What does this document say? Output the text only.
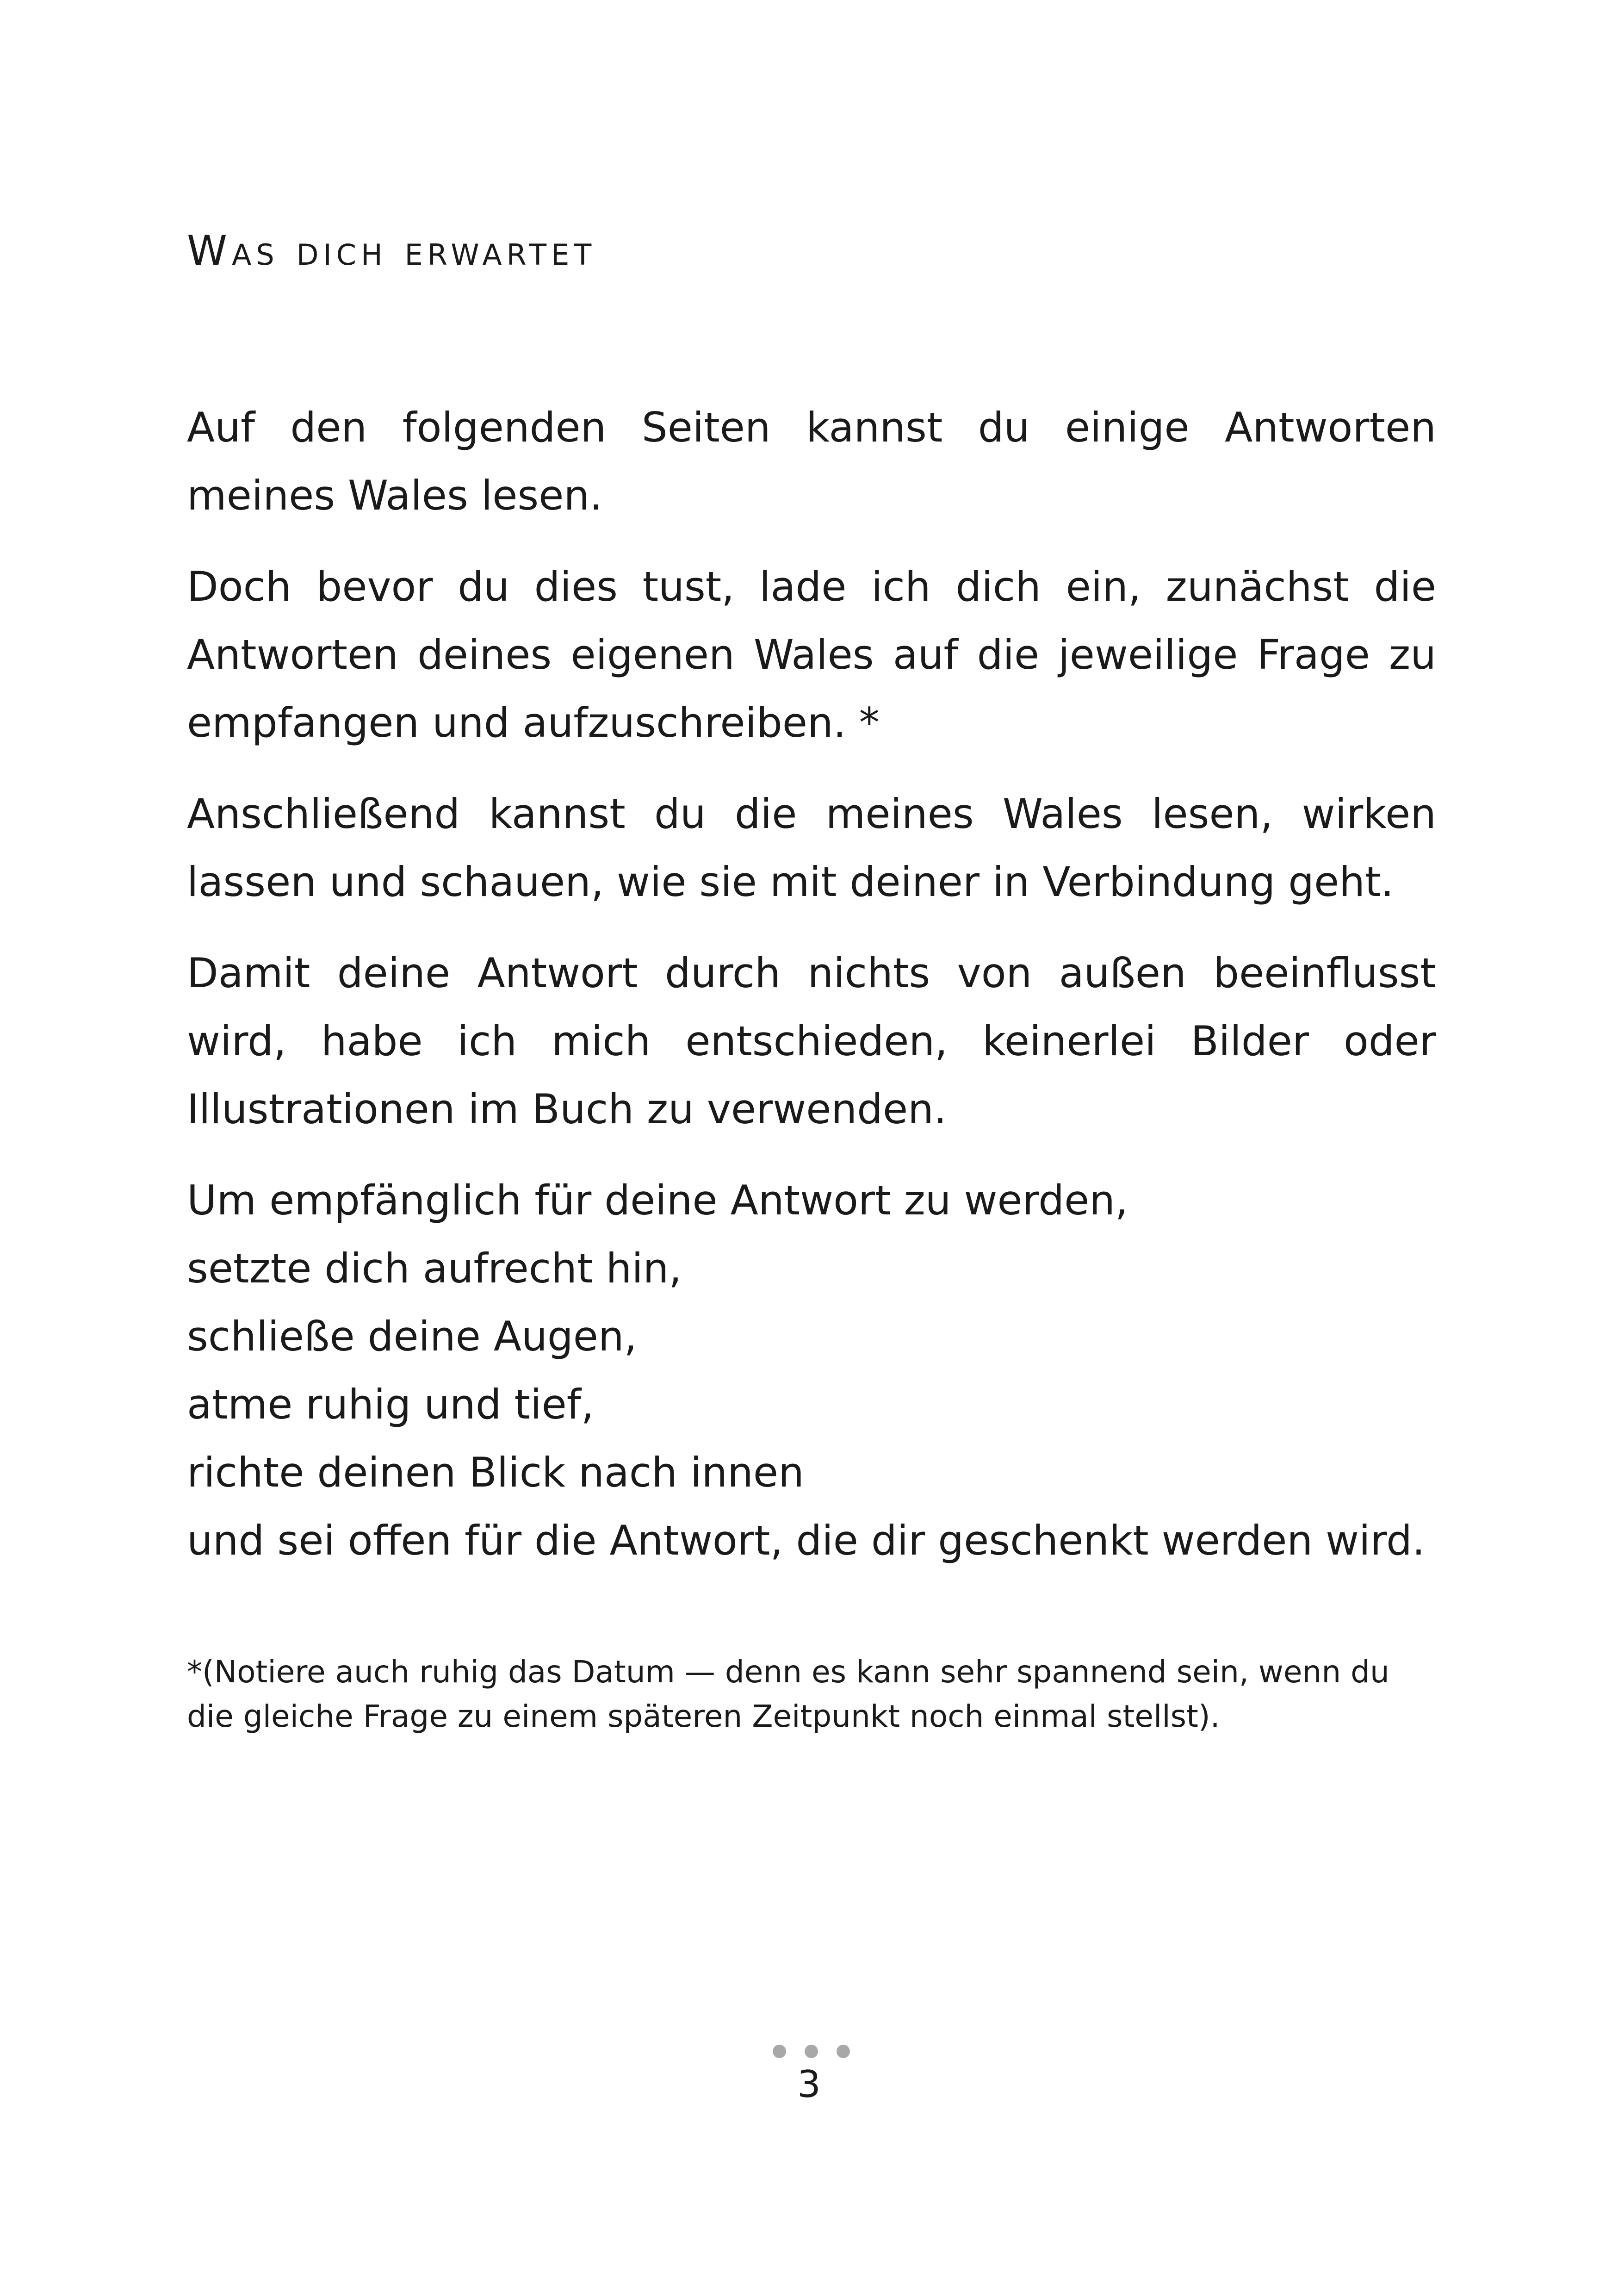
Was dich erwartet

Auf den folgenden Seiten kannst du einige Antworten meines Wales lesen.

Doch bevor du dies tust, lade ich dich ein, zunächst die Antworten deines eigenen Wales auf die jeweilige Frage zu empfangen und aufzuschreiben. *

Anschließend kannst du die meines Wales lesen, wirken lassen und schauen, wie sie mit deiner in Verbindung geht.

Damit deine Antwort durch nichts von außen beeinflusst wird, habe ich mich entschieden, keinerlei Bilder oder Illustrationen im Buch zu verwenden.

Um empfänglich für deine Antwort zu werden,
setzte dich aufrecht hin,
schließe deine Augen,
atme ruhig und tief,
richte deinen Blick nach innen
und sei offen für die Antwort, die dir geschenkt werden wird.

*(Notiere auch ruhig das Datum — denn es kann sehr spannend sein, wenn du die gleiche Frage zu einem späteren Zeitpunkt noch einmal stellst).

3
